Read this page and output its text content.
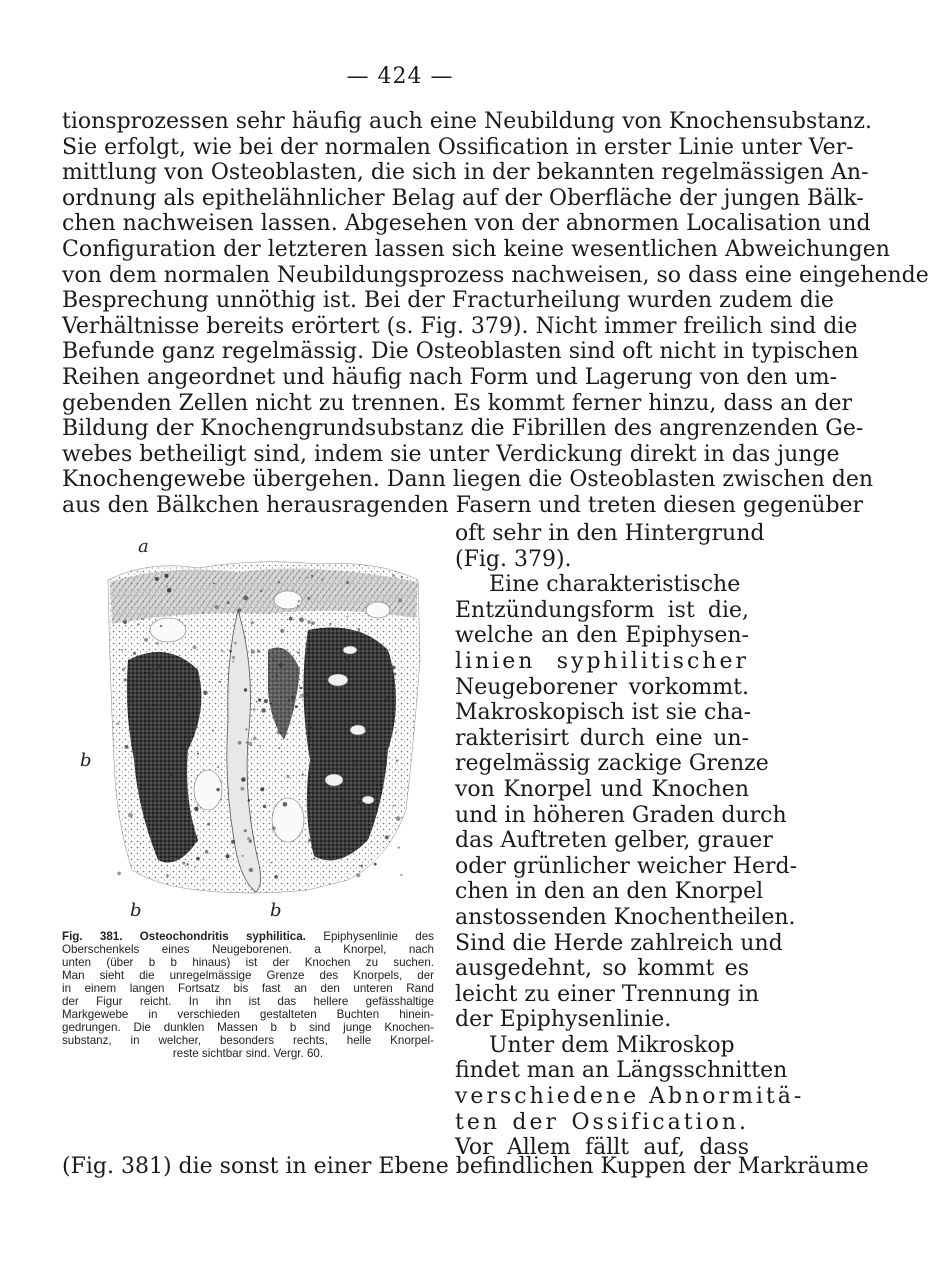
— 424 —
tionsprozessen sehr häufig auch eine Neubildung von Knochensubstanz.
Sie erfolgt, wie bei der normalen Ossification in erster Linie unter Ver-
mittlung von Osteoblasten, die sich in der bekannten regelmässigen An-
ordnung als epithelähnlicher Belag auf der Oberfläche der jungen Bälk-
chen nachweisen lassen. Abgesehen von der abnormen Localisation und
Configuration der letzteren lassen sich keine wesentlichen Abweichungen
von dem normalen Neubildungsprozess nachweisen, so dass eine eingehende
Besprechung unnöthig ist. Bei der Fracturheilung wurden zudem die
Verhältnisse bereits erörtert (s. Fig. 379). Nicht immer freilich sind die
Befunde ganz regelmässig. Die Osteoblasten sind oft nicht in typischen
Reihen angeordnet und häufig nach Form und Lagerung von den um-
gebenden Zellen nicht zu trennen. Es kommt ferner hinzu, dass an der
Bildung der Knochengrundsubstanz die Fibrillen des angrenzenden Ge-
webes betheiligt sind, indem sie unter Verdickung direkt in das junge
Knochengewebe übergehen. Dann liegen die Osteoblasten zwischen den
aus den Bälkchen herausragenden Fasern und treten diesen gegenüber
oft sehr in den Hintergrund
(Fig. 379).
Eine charakteristische
Entzündungsform ist die,
welche an den Epiphysen-
linien syphilitischer
Neugeborener vorkommt.
Makroskopisch ist sie cha-
rakterisirt durch eine un-
regelmässig zackige Grenze
von Knorpel und Knochen
und in höheren Graden durch
das Auftreten gelber, grauer
oder grünlicher weicher Herd-
chen in den an den Knorpel
anstossenden Knochentheilen.
Sind die Herde zahlreich und
ausgedehnt, so kommt es
leicht zu einer Trennung in
der Epiphysenlinie.
Unter dem Mikroskop
findet man an Längsschnitten
verschiedene Abnormitä-
ten der Ossification.
Vor Allem fällt auf, dass
a
b
b	b
Fig. 381. Osteochondritis syphilitica. Epiphysenlinie des
Oberschenkels eines Neugeborenen. a Knorpel, nach
unten (über b b hinaus) ist der Knochen zu suchen.
Man sieht die unregelmässige Grenze des Knorpels, der
in einem langen Fortsatz bis fast an den unteren Rand
der Figur reicht. In ihn ist das hellere gefässhaltige
Markgewebe in verschieden gestalteten Buchten hinein-
gedrungen. Die dunklen Massen b b sind junge Knochen-
substanz, in welcher, besonders rechts, helle Knorpel-
reste sichtbar sind. Vergr. 60.
(Fig. 381) die sonst in einer Ebene befindlichen Kuppen der Markräume
